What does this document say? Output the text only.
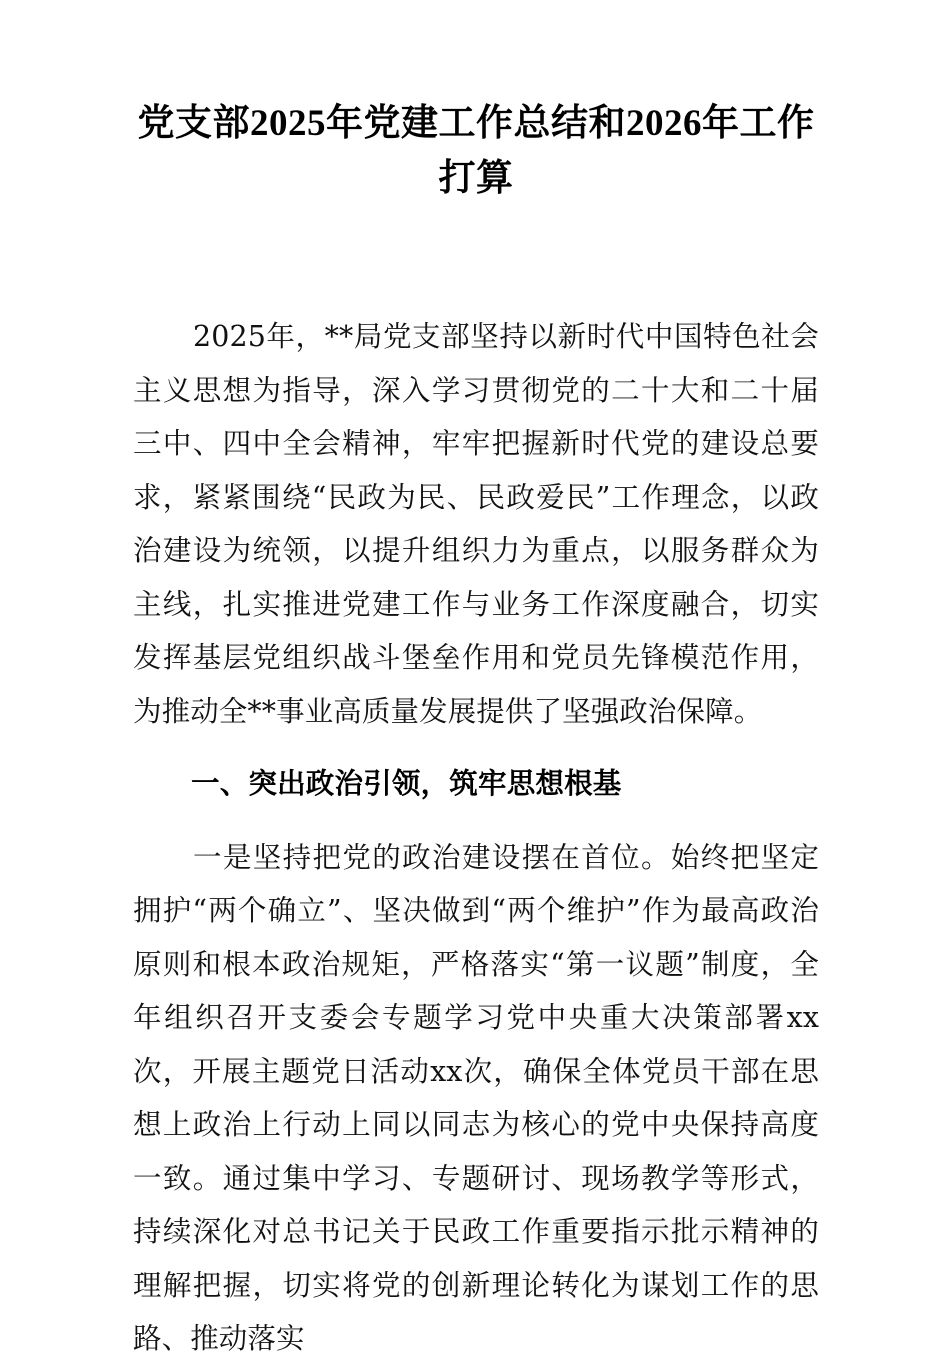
党支部2025年党建工作总结和2026年工作打算

2025年，**局党支部坚持以新时代中国特色社会主义思想为指导，深入学习贯彻党的二十大和二十届三中、四中全会精神，牢牢把握新时代党的建设总要求，紧紧围绕“民政为民、民政爱民”工作理念，以政治建设为统领，以提升组织力为重点，以服务群众为主线，扎实推进党建工作与业务工作深度融合，切实发挥基层党组织战斗堡垒作用和党员先锋模范作用，为推动全**事业高质量发展提供了坚强政治保障。

一、突出政治引领，筑牢思想根基

一是坚持把党的政治建设摆在首位。始终把坚定拥护“两个确立”、坚决做到“两个维护”作为最高政治原则和根本政治规矩，严格落实“第一议题”制度，全年组织召开支委会专题学习党中央重大决策部署xx次，开展主题党日活动xx次，确保全体党员干部在思想上政治上行动上同以同志为核心的党中央保持高度一致。通过集中学习、专题研讨、现场教学等形式，持续深化对总书记关于民政工作重要指示批示精神的理解把握，切实将党的创新理论转化为谋划工作的思路、推动落实
